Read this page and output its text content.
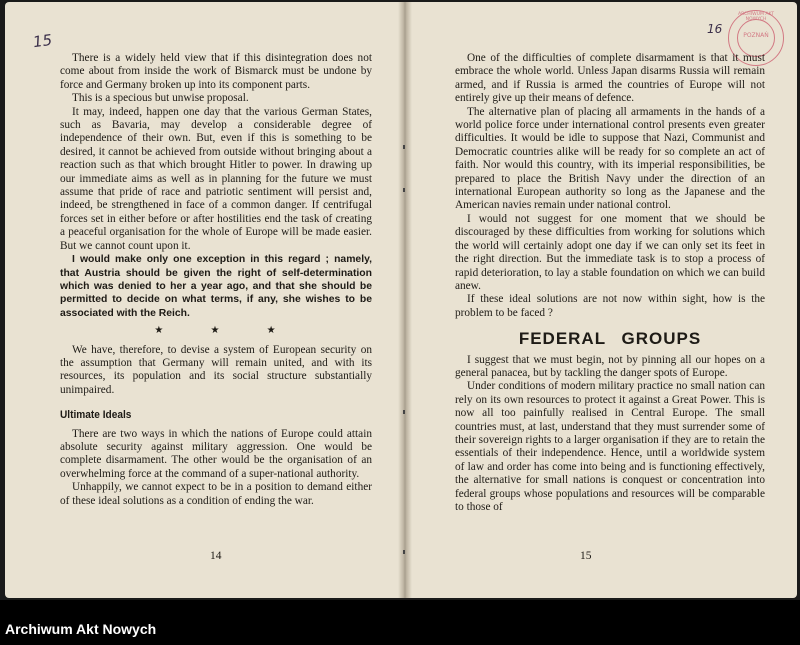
15

There is a widely held view that if this disintegration does not come about from inside the work of Bismarck must be undone by force and Germany broken up into its component parts.

This is a specious but unwise proposal.

It may, indeed, happen one day that the various German States, such as Bavaria, may develop a considerable degree of independence of their own. But, even if this is something to be desired, it cannot be achieved from outside without bringing about a reaction such as that which brought Hitler to power. In drawing up our immediate aims as well as in planning for the future we must assume that pride of race and patriotic sentiment will persist and, indeed, be strengthened in face of a common danger. If centrifugal forces set in either before or after hostilities end the task of creating a peaceful organisation for the whole of Europe will be made easier. But we cannot count upon it.

I would make only one exception in this regard ; namely, that Austria should be given the right of self-determination which was denied to her a year ago, and that she should be permitted to decide on what terms, if any, she wishes to be associated with the Reich.

★ ★ ★

We have, therefore, to devise a system of European security on the assumption that Germany will remain united, and with its resources, its population and its social structure substantially unimpaired.

Ultimate Ideals

There are two ways in which the nations of Europe could attain absolute security against military aggression. One would be complete disarmament. The other would be the organisation of an overwhelming force at the command of a super-national authority.

Unhappily, we cannot expect to be in a position to demand either of these ideal solutions as a condition of ending the war.

14
16
ARCHIWUM AKT NOWYCH
POZNAŃ

One of the difficulties of complete disarmament is that it must embrace the whole world. Unless Japan disarms Russia will remain armed, and if Russia is armed the countries of Europe will not entirely give up their means of defence.

The alternative plan of placing all armaments in the hands of a world police force under international control presents even greater difficulties. It would be idle to suppose that Nazi, Communist and Democratic countries alike will be ready for so complete an act of faith. Nor would this country, with its imperial responsibilities, be prepared to place the British Navy under the direction of an international European authority so long as the Japanese and the American navies remain under national control.

I would not suggest for one moment that we should be discouraged by these difficulties from working for solutions which the world will certainly adopt one day if we can only set its feet in the right direction. But the immediate task is to stop a process of rapid deterioration, to lay a stable foundation on which we can build anew.

If these ideal solutions are not now within sight, how is the problem to be faced ?

FEDERAL GROUPS

I suggest that we must begin, not by pinning all our hopes on a general panacea, but by tackling the danger spots of Europe.

Under conditions of modern military practice no small nation can rely on its own resources to protect it against a Great Power. This is now all too painfully realised in Central Europe. The small countries must, at last, understand that they must surrender some of their sovereign rights to a larger organisation if they are to retain the essentials of their independence. Hence, until a worldwide system of law and order has come into being and is functioning effectively, the alternative for small nations is conquest or concentration into federal groups whose populations and resources will be comparable to those of

15
Archiwum Akt Nowych
